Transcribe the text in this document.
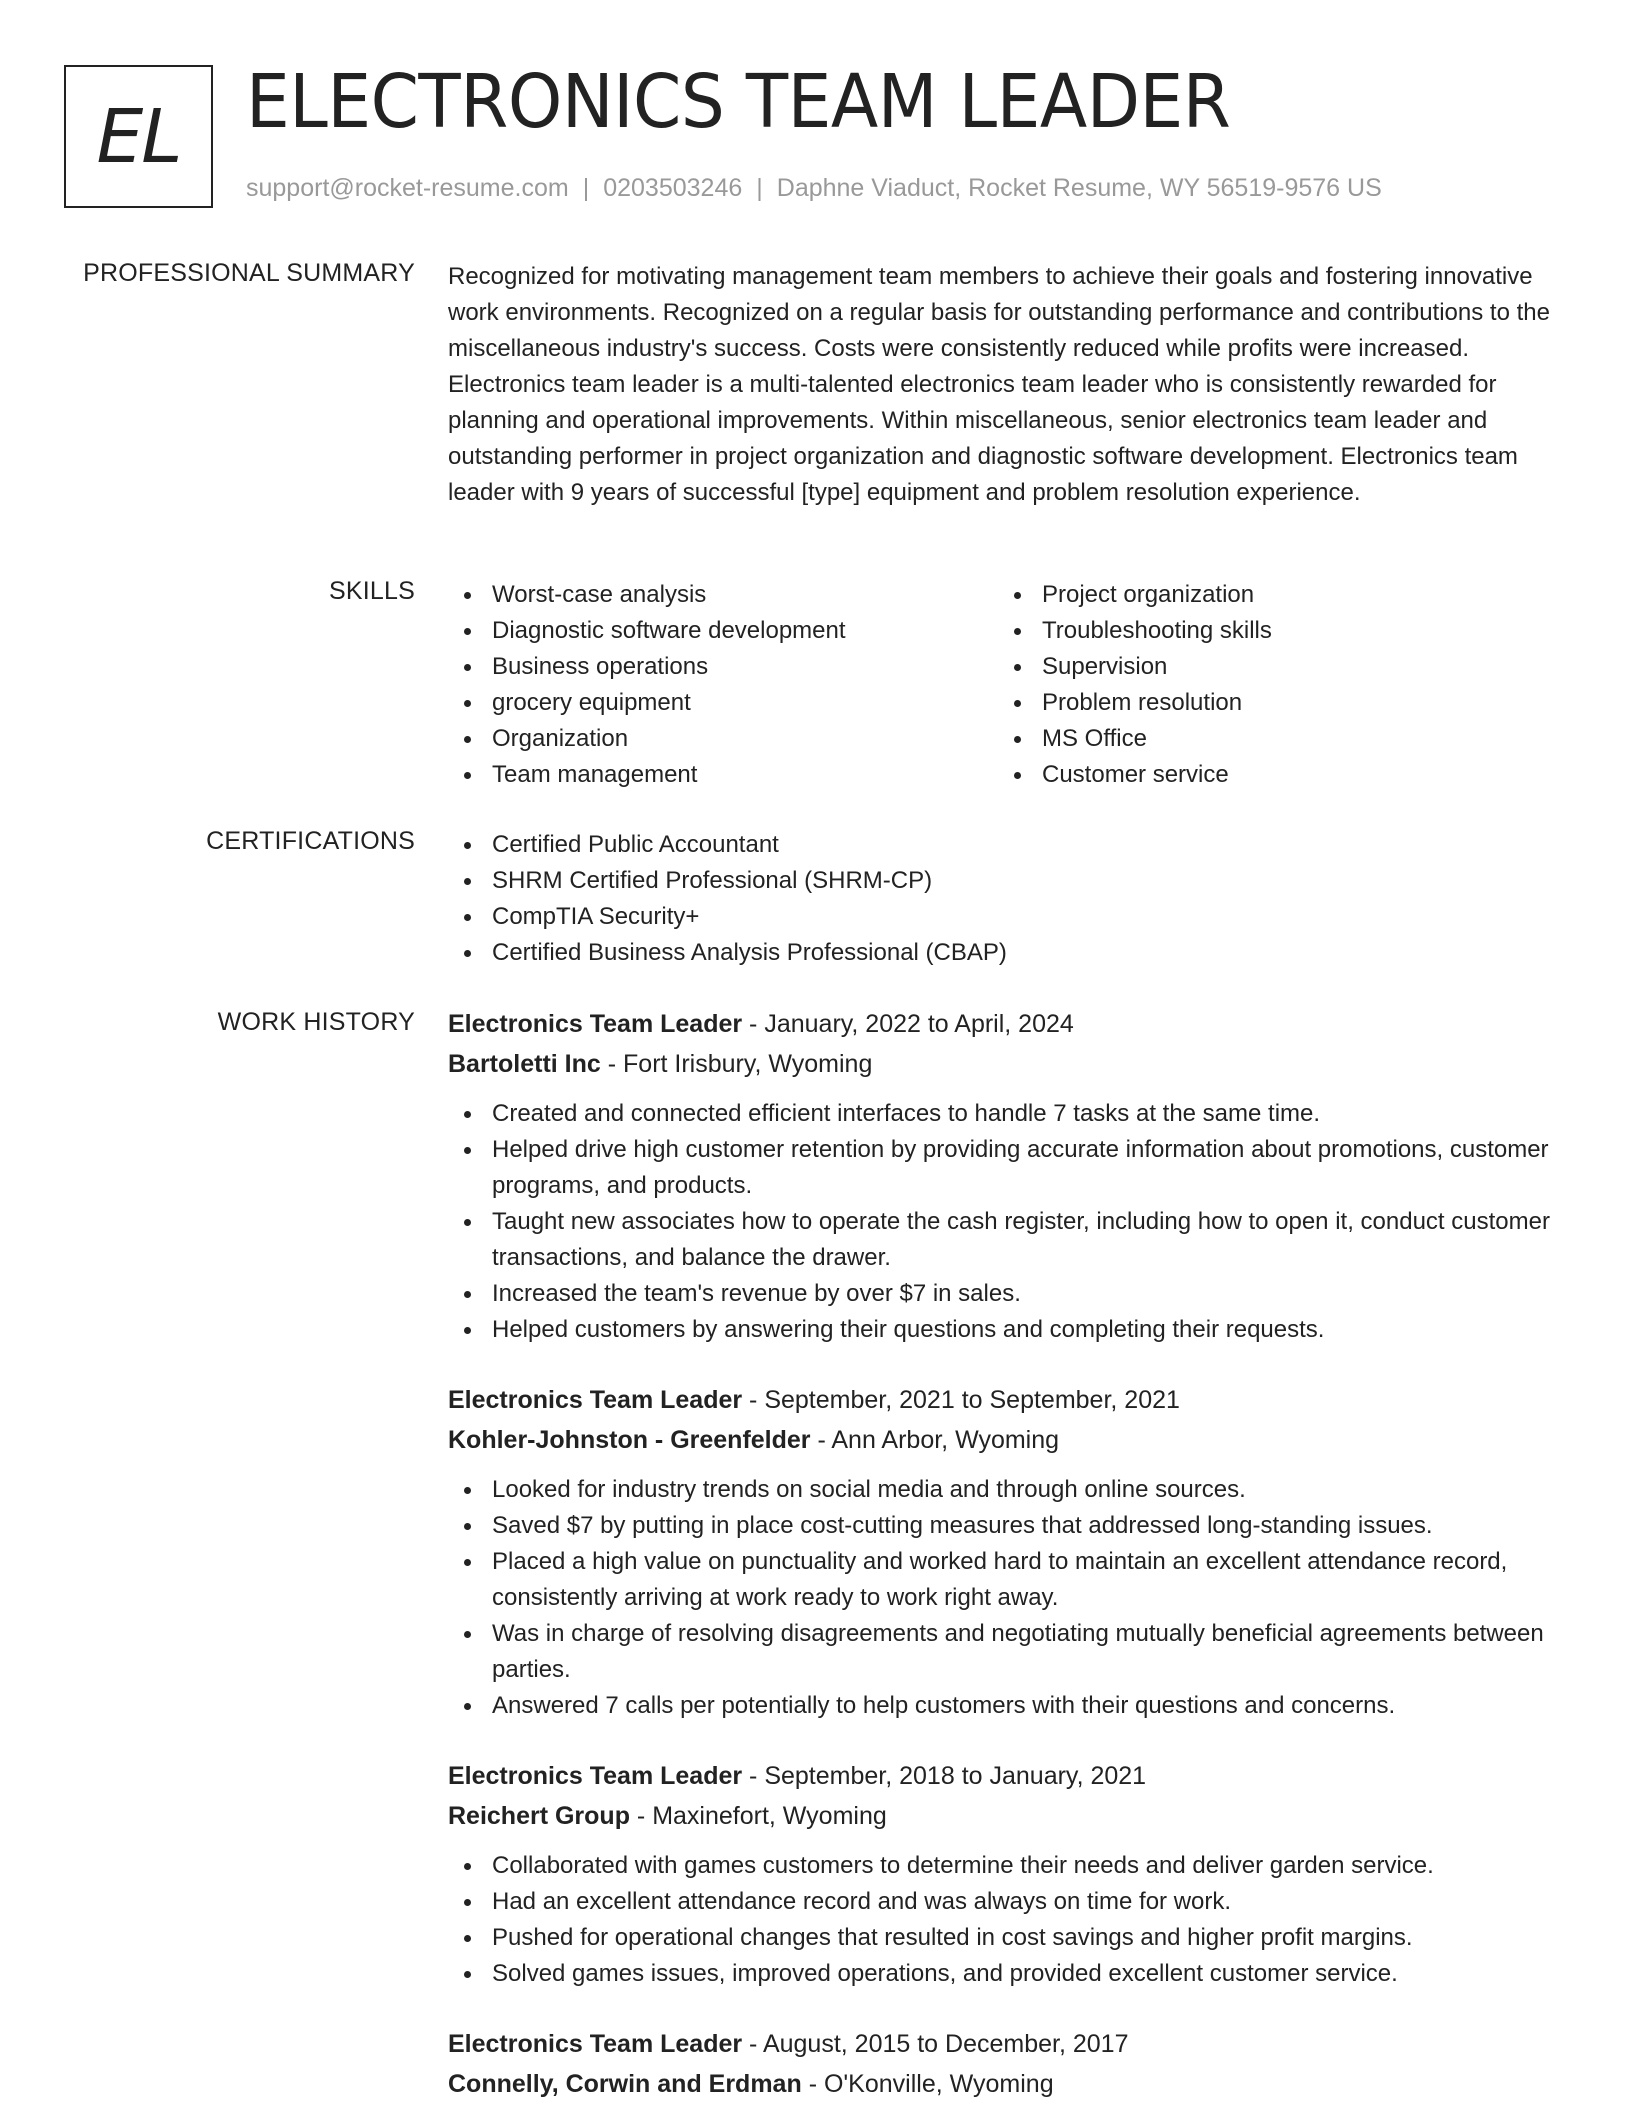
EL ELECTRONICS TEAM LEADER
support@rocket-resume.com | 0203503246 | Daphne Viaduct, Rocket Resume, WY 56519-9576 US
PROFESSIONAL SUMMARY Recognized for motivating management team members to achieve their goals and fostering innovative work environments. Recognized on a regular basis for outstanding performance and contributions to the miscellaneous industry's success. Costs were consistently reduced while profits were increased. Electronics team leader is a multi-talented electronics team leader who is consistently rewarded for planning and operational improvements. Within miscellaneous, senior electronics team leader and outstanding performer in project organization and diagnostic software development. Electronics team leader with 9 years of successful [type] equipment and problem resolution experience.
SKILLS	Worst-case analysis
Diagnostic software development
Business operations
grocery equipment
Organization
Team management
Project organization
Troubleshooting skills
Supervision
Problem resolution
MS Office
Customer service
CERTIFICATIONS	Certified Public Accountant
SHRM Certified Professional (SHRM-CP)
CompTIA Security+
Certified Business Analysis Professional (CBAP)
WORK HISTORY Electronics Team Leader - January, 2022 to April, 2024
Bartoletti Inc - Fort Irisbury, Wyoming
Created and connected efficient interfaces to handle 7 tasks at the same time.
Helped drive high customer retention by providing accurate information about promotions, customer programs, and products.
Taught new associates how to operate the cash register, including how to open it, conduct customer transactions, and balance the drawer.
Increased the team's revenue by over $7 in sales.
Helped customers by answering their questions and completing their requests.
Electronics Team Leader - September, 2021 to September, 2021
Kohler-Johnston - Greenfelder - Ann Arbor, Wyoming
Looked for industry trends on social media and through online sources.
Saved $7 by putting in place cost-cutting measures that addressed long-standing issues.
Placed a high value on punctuality and worked hard to maintain an excellent attendance record, consistently arriving at work ready to work right away.
Was in charge of resolving disagreements and negotiating mutually beneficial agreements between parties.
Answered 7 calls per potentially to help customers with their questions and concerns.
Electronics Team Leader - September, 2018 to January, 2021
Reichert Group - Maxinefort, Wyoming
Collaborated with games customers to determine their needs and deliver garden service.
Had an excellent attendance record and was always on time for work.
Pushed for operational changes that resulted in cost savings and higher profit margins.
Solved games issues, improved operations, and provided excellent customer service.
Electronics Team Leader - August, 2015 to December, 2017
Connelly, Corwin and Erdman - O'Konville, Wyoming
